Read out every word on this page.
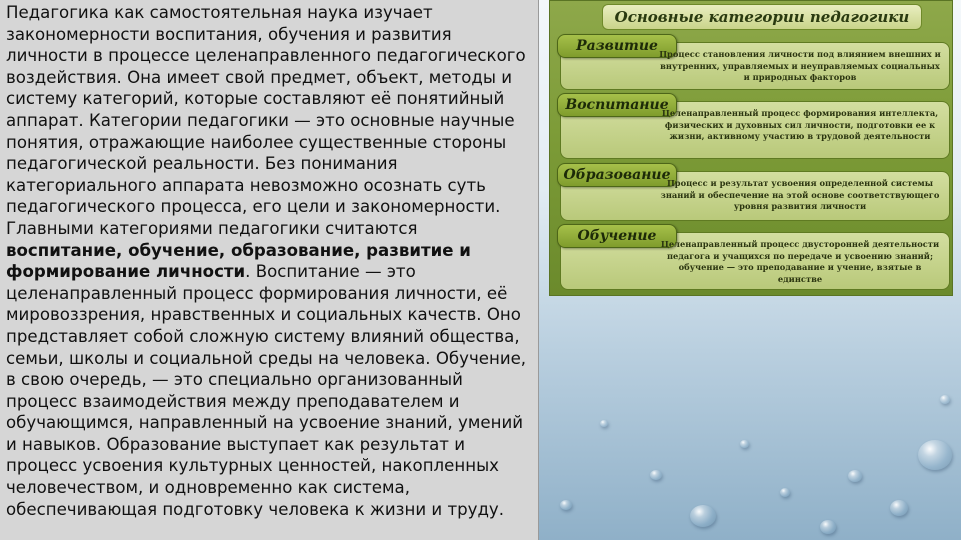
Педагогика как самостоятельная наука изучает закономерности воспитания, обучения и развития личности в процессе целенаправленного педагогического воздействия. Она имеет свой предмет, объект, методы и систему категорий, которые составляют её понятийный аппарат. Категории педагогики — это основные научные понятия, отражающие наиболее существенные стороны педагогической реальности. Без понимания категориального аппарата невозможно осознать суть педагогического процесса, его цели и закономерности. Главными категориями педагогики считаются воспитание, обучение, образование, развитие и формирование личности. Воспитание — это целенаправленный процесс формирования личности, её мировоззрения, нравственных и социальных качеств. Оно представляет собой сложную систему влияний общества, семьи, школы и социальной среды на человека. Обучение, в свою очередь, — это специально организованный процесс взаимодействия между преподавателем и обучающимся, направленный на усвоение знаний, умений и навыков. Образование выступает как результат и процесс усвоения культурных ценностей, накопленных человечеством, и одновременно как система, обеспечивающая подготовку человека к жизни и труду.

Основные категории педагогики
Развитие Процесс становления личности под влиянием внешних и внутренних, управляемых и неуправляемых социальных и природных факторов
Воспитание
Целенаправленный процесс формирования интеллекта, физических и духовных сил личности, подготовки ее к жизни, активному участию в трудовой деятельности
Образование
Процесс и результат усвоения определенной системы знаний и обеспечение на этой основе соответствующего уровня развития личности
Обучение Целенаправленный процесс двусторонней деятельности педагога и учащихся по передаче и усвоению знаний; обучение — это преподавание и учение, взятые в единстве
